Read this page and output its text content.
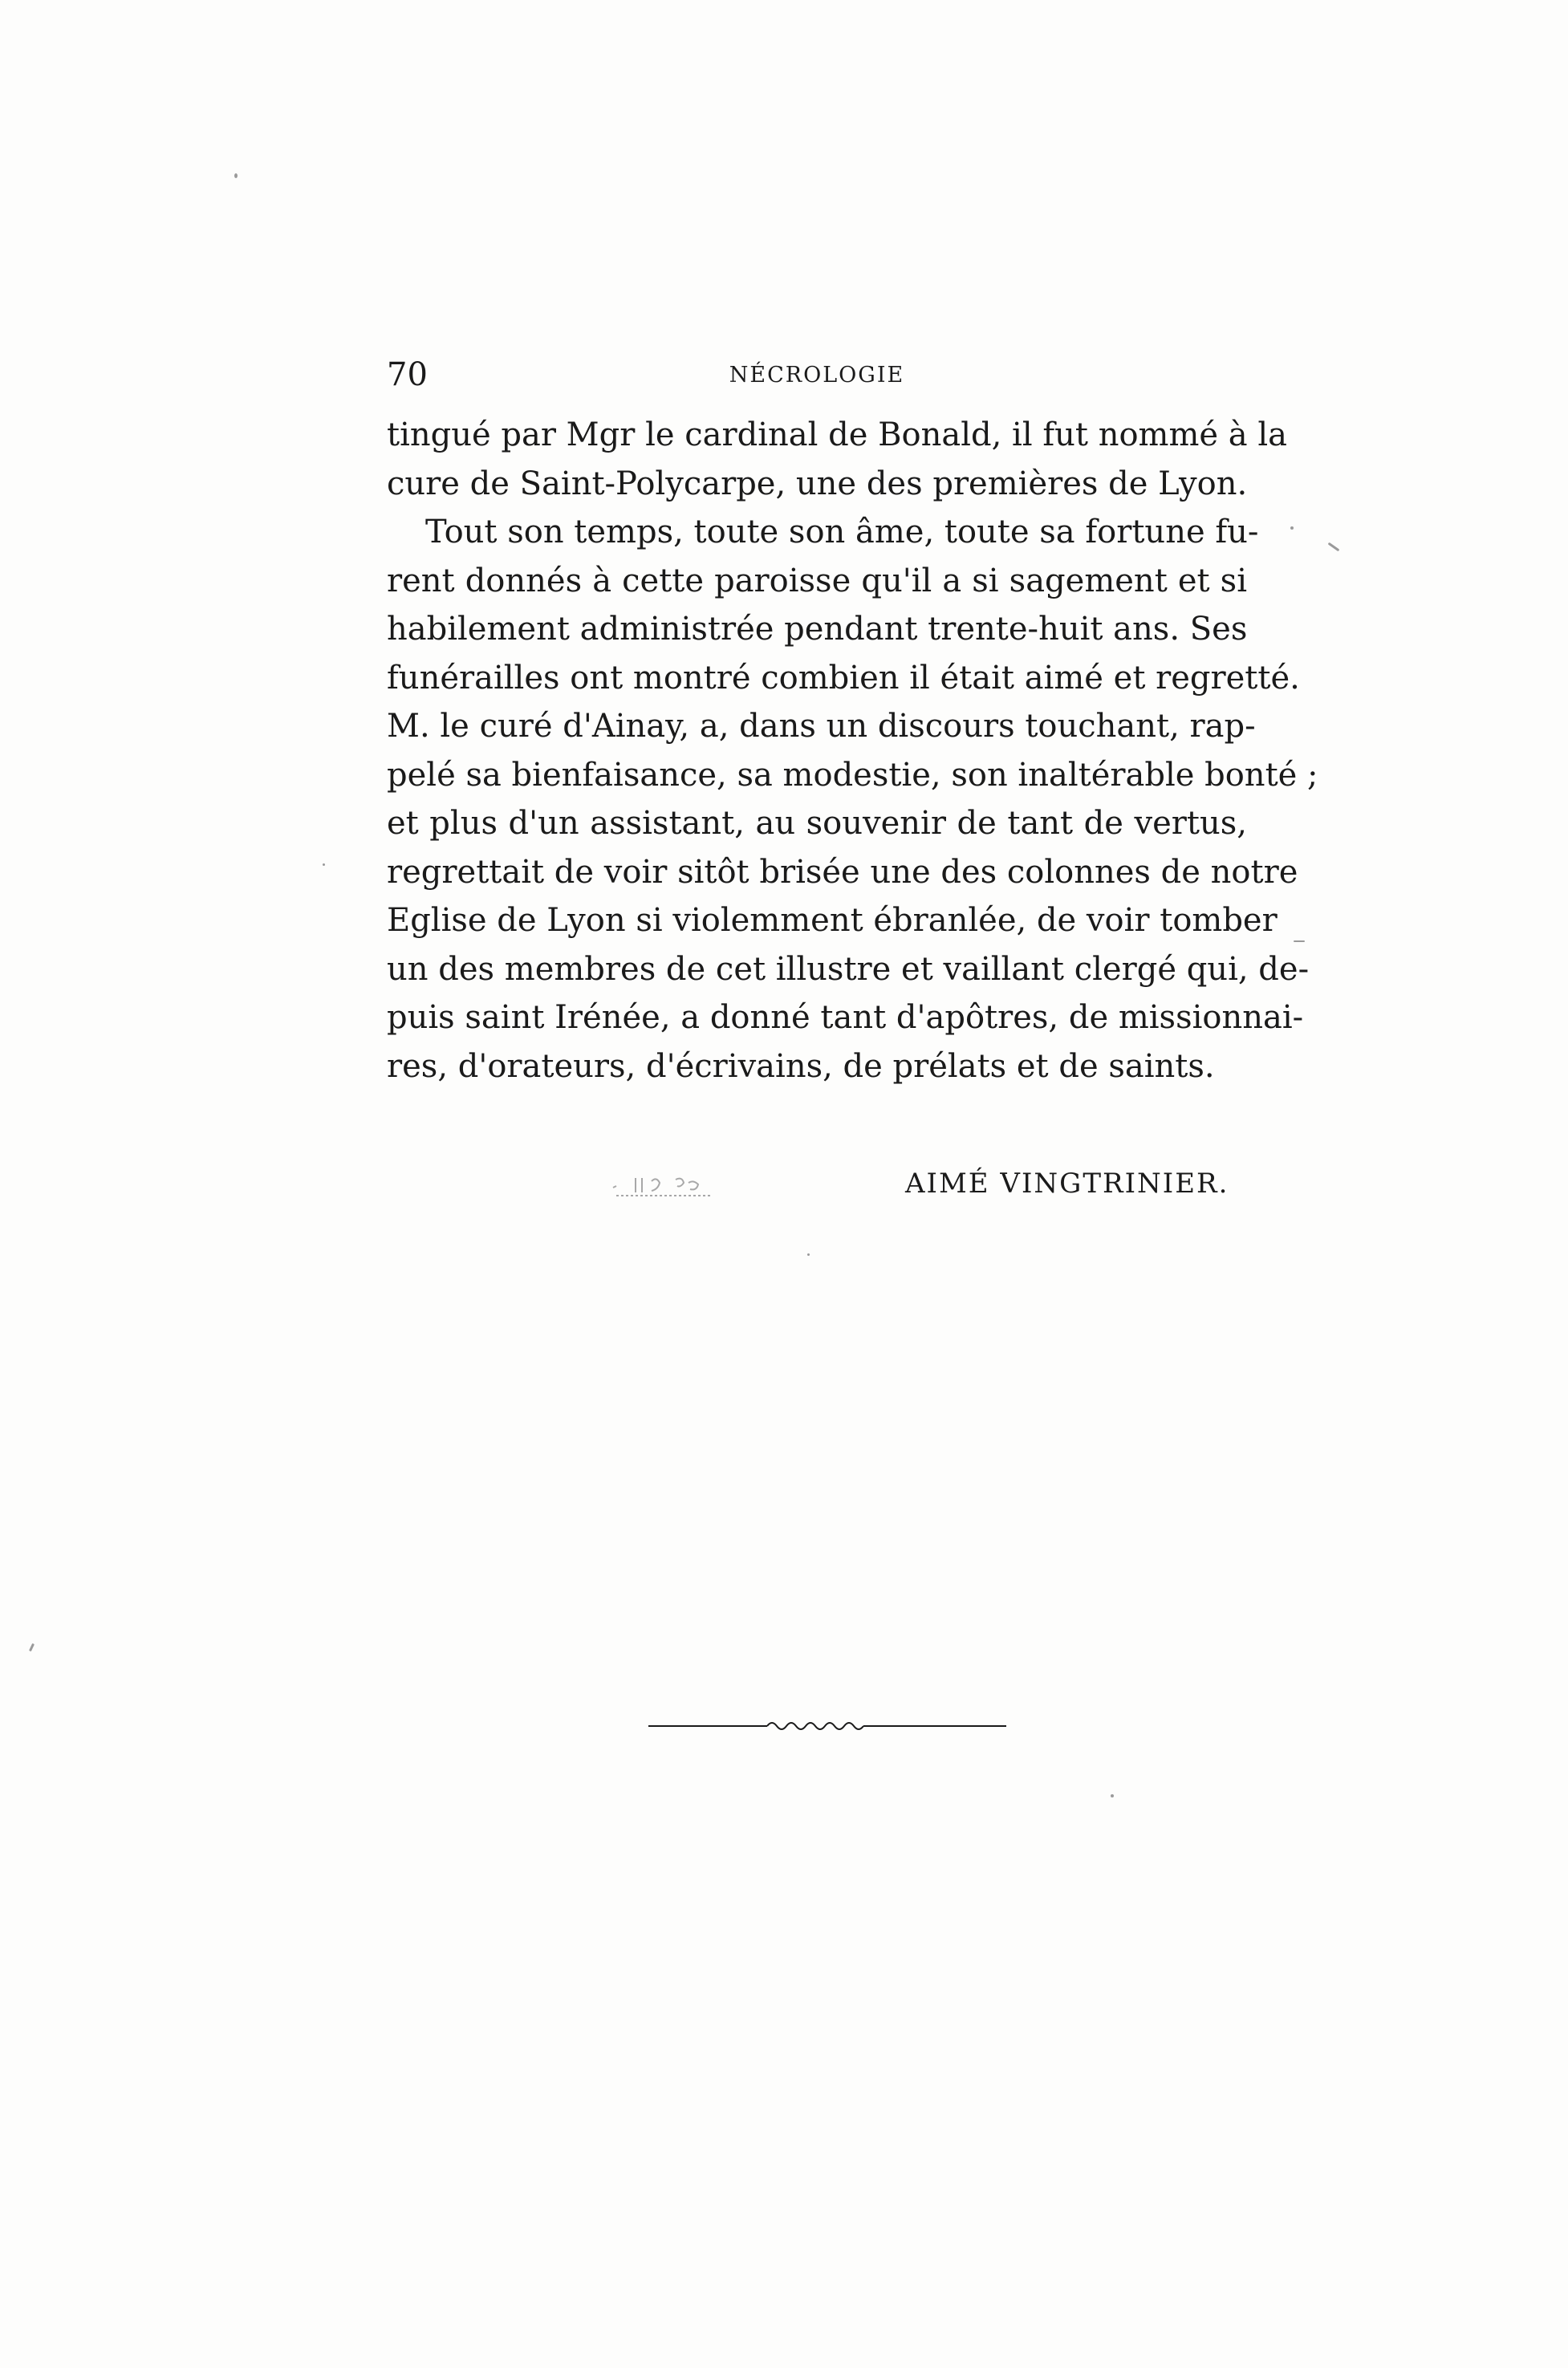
70	NÉCROLOGIE
tingué par Mgr le cardinal de Bonald, il fut nommé à la
cure de Saint-Polycarpe, une des premières de Lyon.
Tout son temps, toute son âme, toute sa fortune fu-
rent donnés à cette paroisse qu'il a si sagement et si
habilement administrée pendant trente-huit ans. Ses
funérailles ont montré combien il était aimé et regretté.
M. le curé d'Ainay, a, dans un discours touchant, rap-
pelé sa bienfaisance, sa modestie, son inaltérable bonté ;
et plus d'un assistant, au souvenir de tant de vertus,
regrettait de voir sitôt brisée une des colonnes de notre
Eglise de Lyon si violemment ébranlée, de voir tomber
un des membres de cet illustre et vaillant clergé qui, de-
puis saint Irénée, a donné tant d'apôtres, de missionnai-
res, d'orateurs, d'écrivains, de prélats et de saints.
AIMÉ VINGTRINIER.
